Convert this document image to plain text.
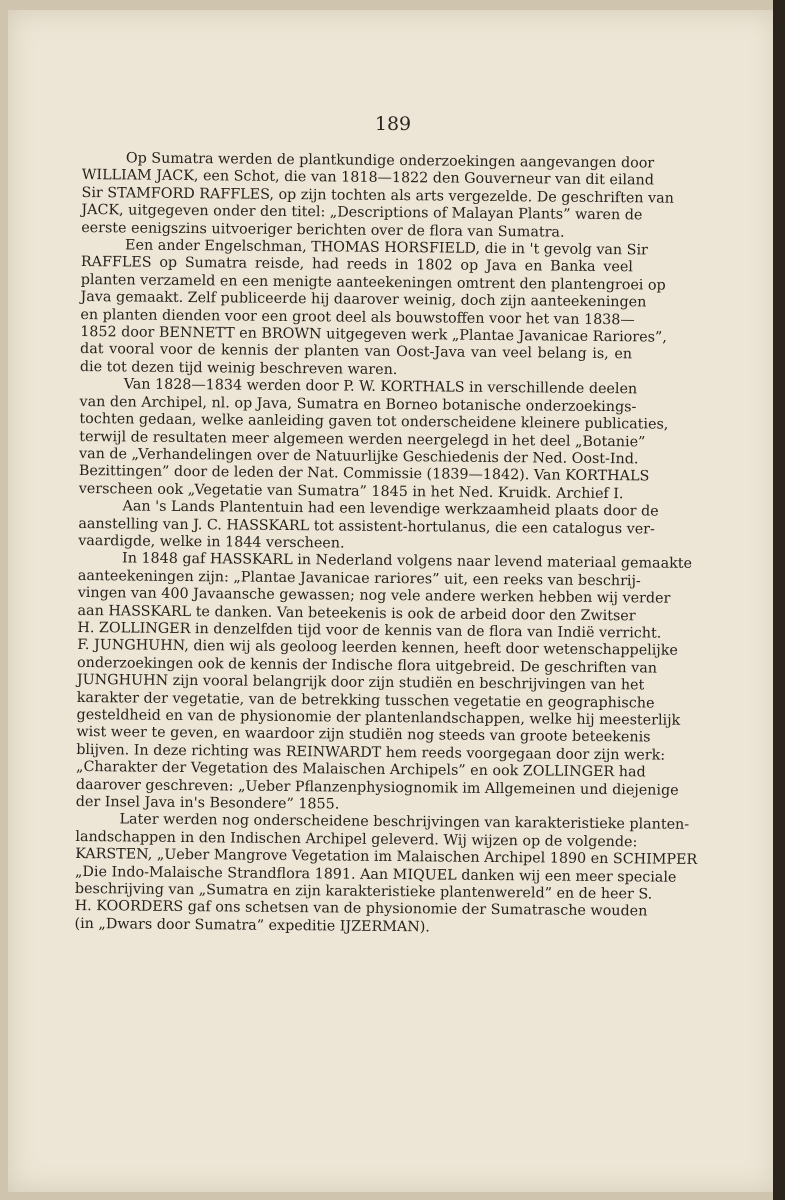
189
Op Sumatra werden de plantkundige onderzoekingen aangevangen door
WILLIAM JACK, een Schot, die van 1818—1822 den Gouverneur van dit eiland
Sir STAMFORD RAFFLES, op zijn tochten als arts vergezelde. De geschriften van
JACK, uitgegeven onder den titel: „Descriptions of Malayan Plants” waren de
eerste eenigszins uitvoeriger berichten over de flora van Sumatra.
Een ander Engelschman, THOMAS HORSFIELD, die in 't gevolg van Sir
RAFFLES op Sumatra reisde, had reeds in 1802 op Java en Banka veel
planten verzameld en een menigte aanteekeningen omtrent den plantengroei op
Java gemaakt. Zelf publiceerde hij daarover weinig, doch zijn aanteekeningen
en planten dienden voor een groot deel als bouwstoffen voor het van 1838—
1852 door BENNETT en BROWN uitgegeven werk „Plantae Javanicae Rariores”,
dat vooral voor de kennis der planten van Oost-Java van veel belang is, en
die tot dezen tijd weinig beschreven waren.
Van 1828—1834 werden door P. W. KORTHALS in verschillende deelen
van den Archipel, nl. op Java, Sumatra en Borneo botanische onderzoekings-
tochten gedaan, welke aanleiding gaven tot onderscheidene kleinere publicaties,
terwijl de resultaten meer algemeen werden neergelegd in het deel „Botanie”
van de „Verhandelingen over de Natuurlijke Geschiedenis der Ned. Oost-Ind.
Bezittingen” door de leden der Nat. Commissie (1839—1842). Van KORTHALS
verscheen ook „Vegetatie van Sumatra” 1845 in het Ned. Kruidk. Archief I.
Aan 's Lands Plantentuin had een levendige werkzaamheid plaats door de
aanstelling van J. C. HASSKARL tot assistent-hortulanus, die een catalogus ver-
vaardigde, welke in 1844 verscheen.
In 1848 gaf HASSKARL in Nederland volgens naar levend materiaal gemaakte
aanteekeningen zijn: „Plantae Javanicae rariores” uit, een reeks van beschrij-
vingen van 400 Javaansche gewassen; nog vele andere werken hebben wij verder
aan HASSKARL te danken. Van beteekenis is ook de arbeid door den Zwitser
H. ZOLLINGER in denzelfden tijd voor de kennis van de flora van Indië verricht.
F. JUNGHUHN, dien wij als geoloog leerden kennen, heeft door wetenschappelijke
onderzoekingen ook de kennis der Indische flora uitgebreid. De geschriften van
JUNGHUHN zijn vooral belangrijk door zijn studiën en beschrijvingen van het
karakter der vegetatie, van de betrekking tusschen vegetatie en geographische
gesteldheid en van de physionomie der plantenlandschappen, welke hij meesterlijk
wist weer te geven, en waardoor zijn studiën nog steeds van groote beteekenis
blijven. In deze richting was REINWARDT hem reeds voorgegaan door zijn werk:
„Charakter der Vegetation des Malaischen Archipels” en ook ZOLLINGER had
daarover geschreven: „Ueber Pflanzenphysiognomik im Allgemeinen und diejenige
der Insel Java in's Besondere” 1855.
Later werden nog onderscheidene beschrijvingen van karakteristieke planten-
landschappen in den Indischen Archipel geleverd. Wij wijzen op de volgende:
KARSTEN, „Ueber Mangrove Vegetation im Malaischen Archipel 1890 en SCHIMPER
„Die Indo-Malaische Strandflora 1891. Aan MIQUEL danken wij een meer speciale
beschrijving van „Sumatra en zijn karakteristieke plantenwereld” en de heer S.
H. KOORDERS gaf ons schetsen van de physionomie der Sumatrasche wouden
(in „Dwars door Sumatra” expeditie IJZERMAN).
